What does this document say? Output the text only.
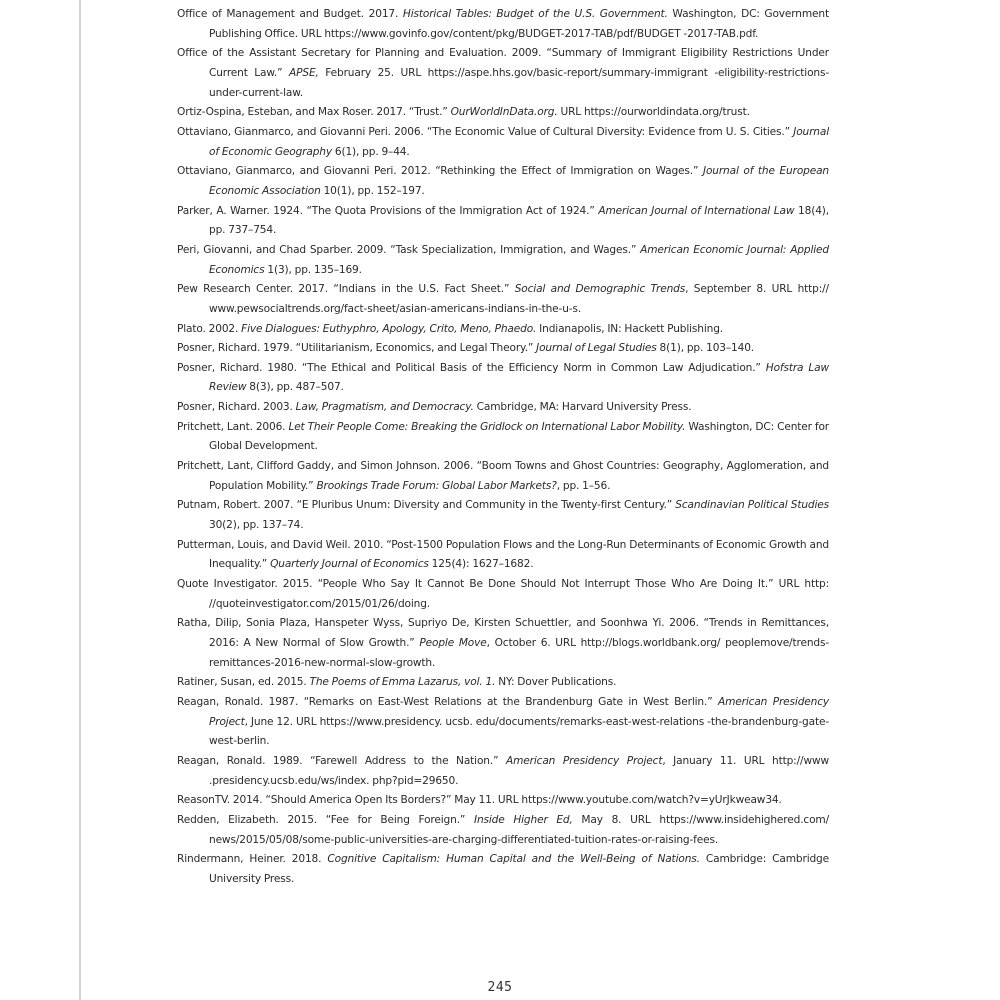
Office of Management and Budget. 2017. Historical Tables: Budget of the U.S. Government. Washington, DC: Government Publishing Office. URL https://www.govinfo.gov/content/pkg/BUDGET-2017-TAB/pdf/BUDGET -2017-TAB.pdf.

Office of the Assistant Secretary for Planning and Evaluation. 2009. “Summary of Immigrant Eligibility Restrictions Under Current Law.” APSE, February 25. URL https://aspe.hhs.gov/basic-report/summary-immigrant -eligibility-restrictions-under-current-law.

Ortiz-Ospina, Esteban, and Max Roser. 2017. “Trust.” OurWorldInData.org. URL https://ourworldindata.org/trust.

Ottaviano, Gianmarco, and Giovanni Peri. 2006. “The Economic Value of Cultural Diversity: Evidence from U. S. Cities.” Journal of Economic Geography 6(1), pp. 9–44.

Ottaviano, Gianmarco, and Giovanni Peri. 2012. “Rethinking the Effect of Immigration on Wages.” Journal of the European Economic Association 10(1), pp. 152–197.

Parker, A. Warner. 1924. “The Quota Provisions of the Immigration Act of 1924.” American Journal of International Law 18(4), pp. 737–754.

Peri, Giovanni, and Chad Sparber. 2009. “Task Specialization, Immigration, and Wages.” American Economic Journal: Applied Economics 1(3), pp. 135–169.

Pew Research Center. 2017. “Indians in the U.S. Fact Sheet.” Social and Demographic Trends, September 8. URL http:// www.pewsocialtrends.org/fact-sheet/asian-americans-indians-in-the-u-s.

Plato. 2002. Five Dialogues: Euthyphro, Apology, Crito, Meno, Phaedo. Indianapolis, IN: Hackett Publishing.

Posner, Richard. 1979. “Utilitarianism, Economics, and Legal Theory.” Journal of Legal Studies 8(1), pp. 103–140.

Posner, Richard. 1980. “The Ethical and Political Basis of the Efficiency Norm in Common Law Adjudication.” Hofstra Law Review 8(3), pp. 487–507.

Posner, Richard. 2003. Law, Pragmatism, and Democracy. Cambridge, MA: Harvard University Press.

Pritchett, Lant. 2006. Let Their People Come: Breaking the Gridlock on International Labor Mobility. Washington, DC: Center for Global Development.

Pritchett, Lant, Clifford Gaddy, and Simon Johnson. 2006. “Boom Towns and Ghost Countries: Geography, Agglomeration, and Population Mobility.” Brookings Trade Forum: Global Labor Markets?, pp. 1–56.

Putnam, Robert. 2007. “E Pluribus Unum: Diversity and Community in the Twenty-first Century.” Scandinavian Political Studies 30(2), pp. 137–74.

Putterman, Louis, and David Weil. 2010. “Post-1500 Population Flows and the Long-Run Determinants of Economic Growth and Inequality.” Quarterly Journal of Economics 125(4): 1627–1682.

Quote Investigator. 2015. “People Who Say It Cannot Be Done Should Not Interrupt Those Who Are Doing It.” URL http: //quoteinvestigator.com/2015/01/26/doing.

Ratha, Dilip, Sonia Plaza, Hanspeter Wyss, Supriyo De, Kirsten Schuettler, and Soonhwa Yi. 2006. “Trends in Remittances, 2016: A New Normal of Slow Growth.” People Move, October 6. URL http://blogs.worldbank.org/ peoplemove/trends-remittances-2016-new-normal-slow-growth.

Ratiner, Susan, ed. 2015. The Poems of Emma Lazarus, vol. 1. NY: Dover Publications.

Reagan, Ronald. 1987. “Remarks on East-West Relations at the Brandenburg Gate in West Berlin.” American Presidency Project, June 12. URL https://www.presidency. ucsb. edu/documents/remarks-east-west-relations -the-brandenburg-gate-west-berlin.

Reagan, Ronald. 1989. “Farewell Address to the Nation.” American Presidency Project, January 11. URL http://www .presidency.ucsb.edu/ws/index. php?pid=29650.

ReasonTV. 2014. “Should America Open Its Borders?” May 11. URL https://www.youtube.com/watch?v=yUrJkweaw34.

Redden, Elizabeth. 2015. “Fee for Being Foreign.” Inside Higher Ed, May 8. URL https://www.insidehighered.com/ news/2015/05/08/some-public-universities-are-charging-differentiated-tuition-rates-or-raising-fees.

Rindermann, Heiner. 2018. Cognitive Capitalism: Human Capital and the Well-Being of Nations. Cambridge: Cambridge University Press.

245
